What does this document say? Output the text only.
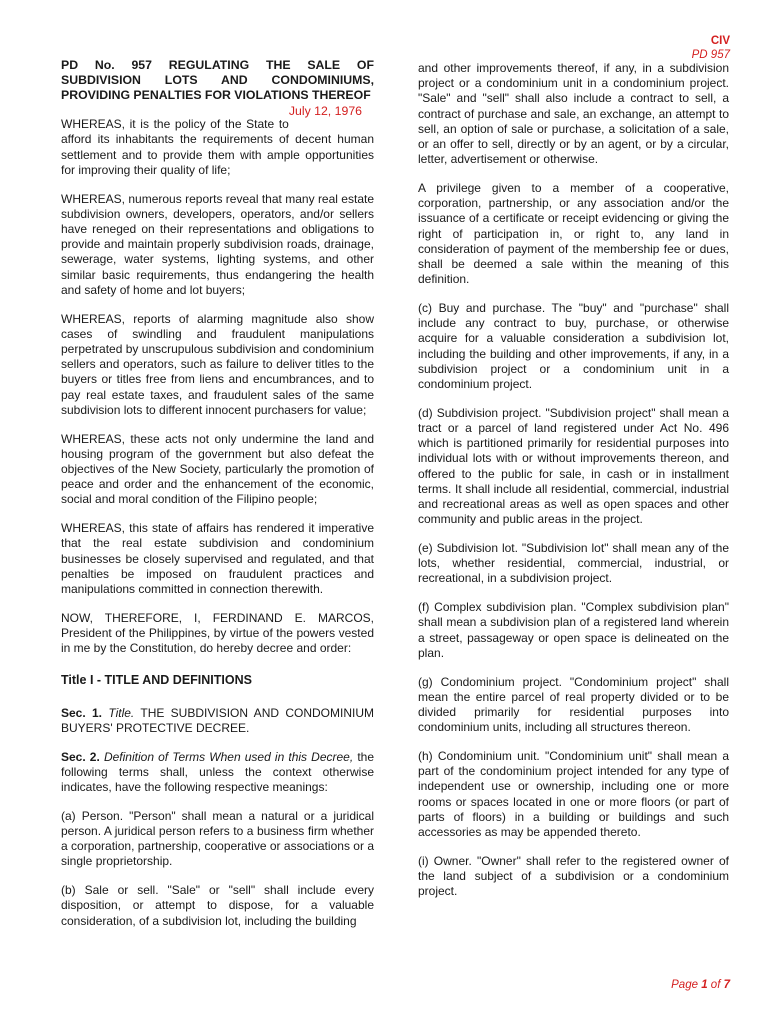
CIV
PD 957

PD No. 957 REGULATING THE SALE OF SUBDIVISION LOTS AND CONDOMINIUMS, PROVIDING PENALTIES FOR VIOLATIONS THEREOF
July 12, 1976

WHEREAS, it is the policy of the State to afford its inhabitants the requirements of decent human settlement and to provide them with ample opportunities for improving their quality of life;

WHEREAS, numerous reports reveal that many real estate subdivision owners, developers, operators, and/or sellers have reneged on their representations and obligations to provide and maintain properly subdivision roads, drainage, sewerage, water systems, lighting systems, and other similar basic requirements, thus endangering the health and safety of home and lot buyers;

WHEREAS, reports of alarming magnitude also show cases of swindling and fraudulent manipulations perpetrated by unscrupulous subdivision and condominium sellers and operators, such as failure to deliver titles to the buyers or titles free from liens and encumbrances, and to pay real estate taxes, and fraudulent sales of the same subdivision lots to different innocent purchasers for value;

WHEREAS, these acts not only undermine the land and housing program of the government but also defeat the objectives of the New Society, particularly the promotion of peace and order and the enhancement of the economic, social and moral condition of the Filipino people;

WHEREAS, this state of affairs has rendered it imperative that the real estate subdivision and condominium businesses be closely supervised and regulated, and that penalties be imposed on fraudulent practices and manipulations committed in connection therewith.

NOW, THEREFORE, I, FERDINAND E. MARCOS, President of the Philippines, by virtue of the powers vested in me by the Constitution, do hereby decree and order:

Title I - TITLE AND DEFINITIONS

Sec. 1. Title. THE SUBDIVISION AND CONDOMINIUM BUYERS' PROTECTIVE DECREE.

Sec. 2. Definition of Terms When used in this Decree, the following terms shall, unless the context otherwise indicates, have the following respective meanings:

(a) Person. "Person" shall mean a natural or a juridical person. A juridical person refers to a business firm whether a corporation, partnership, cooperative or associations or a single proprietorship.

(b) Sale or sell. "Sale" or "sell" shall include every disposition, or attempt to dispose, for a valuable consideration, of a subdivision lot, including the building

and other improvements thereof, if any, in a subdivision project or a condominium unit in a condominium project. "Sale" and "sell" shall also include a contract to sell, a contract of purchase and sale, an exchange, an attempt to sell, an option of sale or purchase, a solicitation of a sale, or an offer to sell, directly or by an agent, or by a circular, letter, advertisement or otherwise.

A privilege given to a member of a cooperative, corporation, partnership, or any association and/or the issuance of a certificate or receipt evidencing or giving the right of participation in, or right to, any land in consideration of payment of the membership fee or dues, shall be deemed a sale within the meaning of this definition.

(c) Buy and purchase. The "buy" and "purchase" shall include any contract to buy, purchase, or otherwise acquire for a valuable consideration a subdivision lot, including the building and other improvements, if any, in a subdivision project or a condominium unit in a condominium project.

(d) Subdivision project. "Subdivision project" shall mean a tract or a parcel of land registered under Act No. 496 which is partitioned primarily for residential purposes into individual lots with or without improvements thereon, and offered to the public for sale, in cash or in installment terms. It shall include all residential, commercial, industrial and recreational areas as well as open spaces and other community and public areas in the project.

(e) Subdivision lot. "Subdivision lot" shall mean any of the lots, whether residential, commercial, industrial, or recreational, in a subdivision project.

(f) Complex subdivision plan. "Complex subdivision plan" shall mean a subdivision plan of a registered land wherein a street, passageway or open space is delineated on the plan.

(g) Condominium project. "Condominium project" shall mean the entire parcel of real property divided or to be divided primarily for residential purposes into condominium units, including all structures thereon.

(h) Condominium unit. "Condominium unit" shall mean a part of the condominium project intended for any type of independent use or ownership, including one or more rooms or spaces located in one or more floors (or part of parts of floors) in a building or buildings and such accessories as may be appended thereto.

(i) Owner. "Owner" shall refer to the registered owner of the land subject of a subdivision or a condominium project.

Page 1 of 7
